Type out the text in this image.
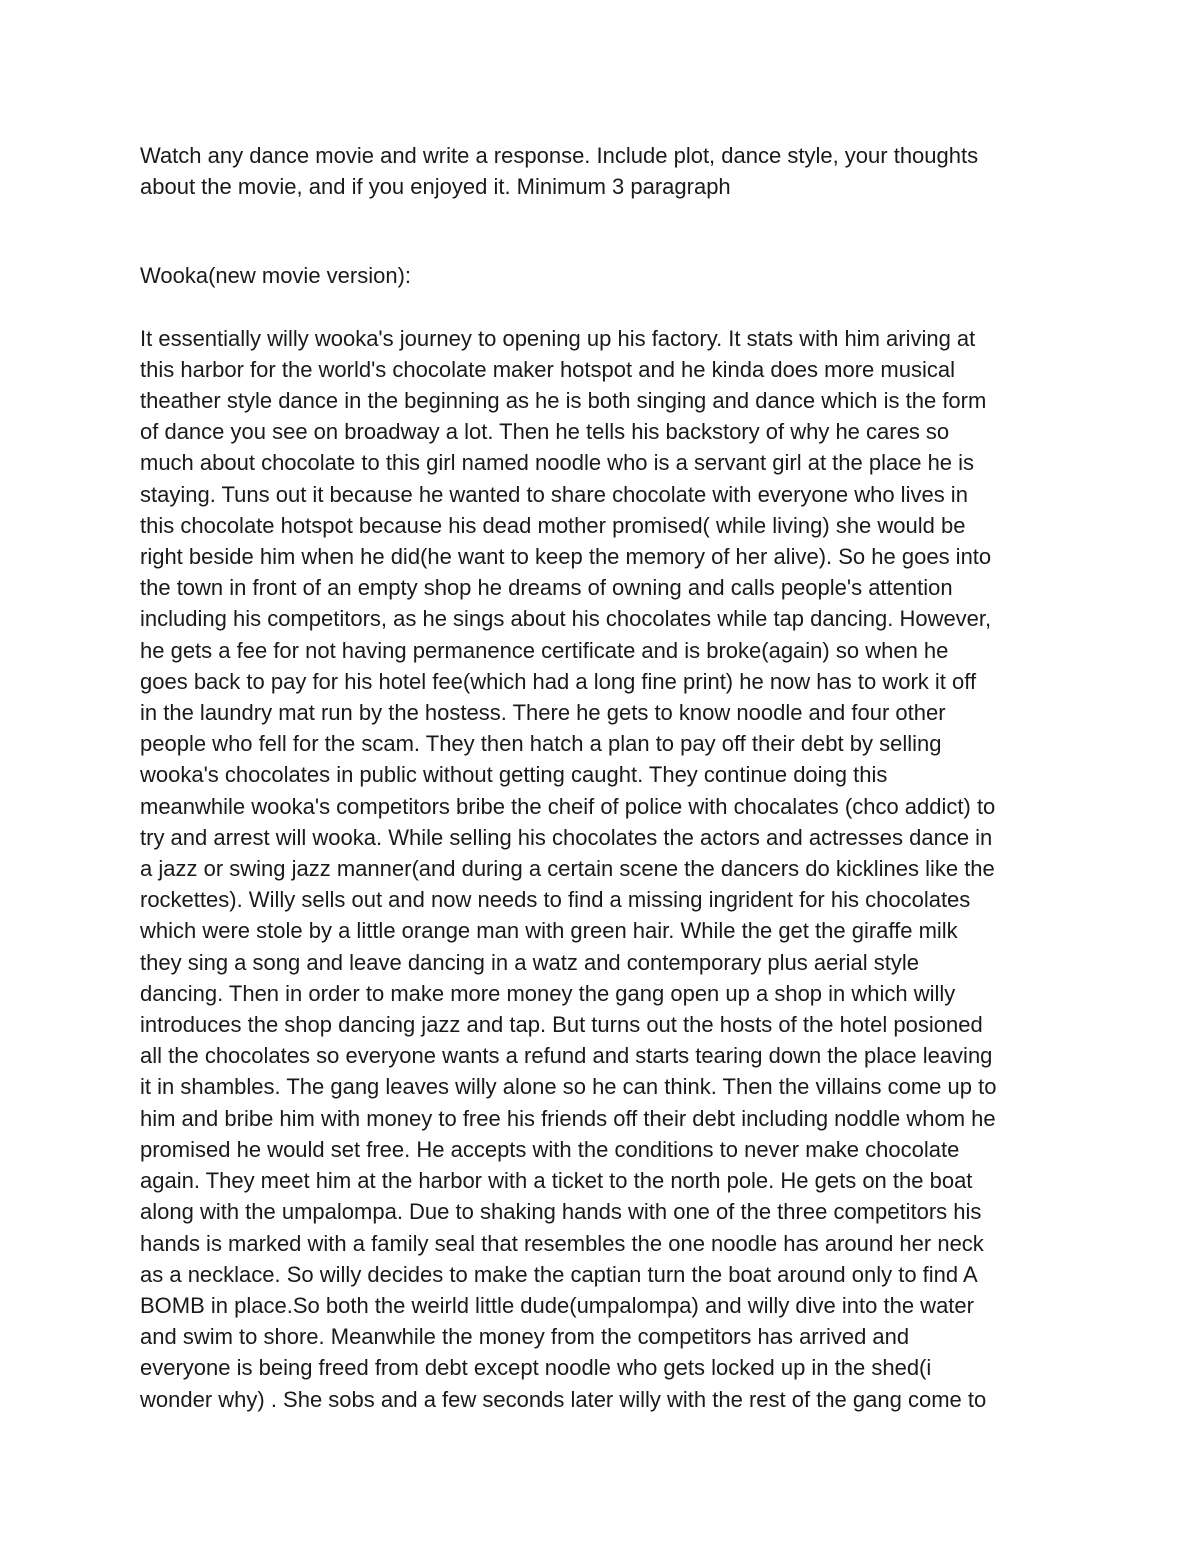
Watch any dance movie and write a response. Include plot, dance style, your thoughts
about the movie, and if you enjoyed it. Minimum 3 paragraph

Wooka(new movie version):

It essentially willy wooka's journey to opening up his factory. It stats with him ariving at
this harbor for the world's chocolate maker hotspot and he kinda does more musical
theather style dance in the beginning as he is both singing and dance which is the form
of dance you see on broadway a lot. Then he tells his backstory of why he cares so
much about chocolate to this girl named noodle who is a servant girl at the place he is
staying. Tuns out it because he wanted to share chocolate with everyone who lives in
this chocolate hotspot because his dead mother promised( while living) she would be
right beside him when he did(he want to keep the memory of her alive). So he goes into
the town in front of an empty shop he dreams of owning and calls people's attention
including his competitors, as he sings about his chocolates while tap dancing. However,
he gets a fee for not having permanence certificate and is broke(again) so when he
goes back to pay for his hotel fee(which had a long fine print) he now has to work it off
in the laundry mat run by the hostess. There he gets to know noodle and four other
people who fell for the scam. They then hatch a plan to pay off their debt by selling
wooka's chocolates in public without getting caught. They continue doing this
meanwhile wooka's competitors bribe the cheif of police with chocalates (chco addict) to
try and arrest will wooka. While selling his chocolates the actors and actresses dance in
a jazz or swing jazz manner(and during a certain scene the dancers do kicklines like the
rockettes). Willy sells out and now needs to find a missing ingrident for his chocolates
which were stole by a little orange man with green hair. While the get the giraffe milk
they sing a song and leave dancing in a watz and contemporary plus aerial style
dancing. Then in order to make more money the gang open up a shop in which willy
introduces the shop dancing jazz and tap. But turns out the hosts of the hotel posioned
all the chocolates so everyone wants a refund and starts tearing down the place leaving
it in shambles. The gang leaves willy alone so he can think. Then the villains come up to
him and bribe him with money to free his friends off their debt including noddle whom he
promised he would set free. He accepts with the conditions to never make chocolate
again. They meet him at the harbor with a ticket to the north pole. He gets on the boat
along with the umpalompa. Due to shaking hands with one of the three competitors his
hands is marked with a family seal that resembles the one noodle has around her neck
as a necklace. So willy decides to make the captian turn the boat around only to find A
BOMB in place.So both the weirld little dude(umpalompa) and willy dive into the water
and swim to shore. Meanwhile the money from the competitors has arrived and
everyone is being freed from debt except noodle who gets locked up in the shed(i
wonder why) . She sobs and a few seconds later willy with the rest of the gang come to
